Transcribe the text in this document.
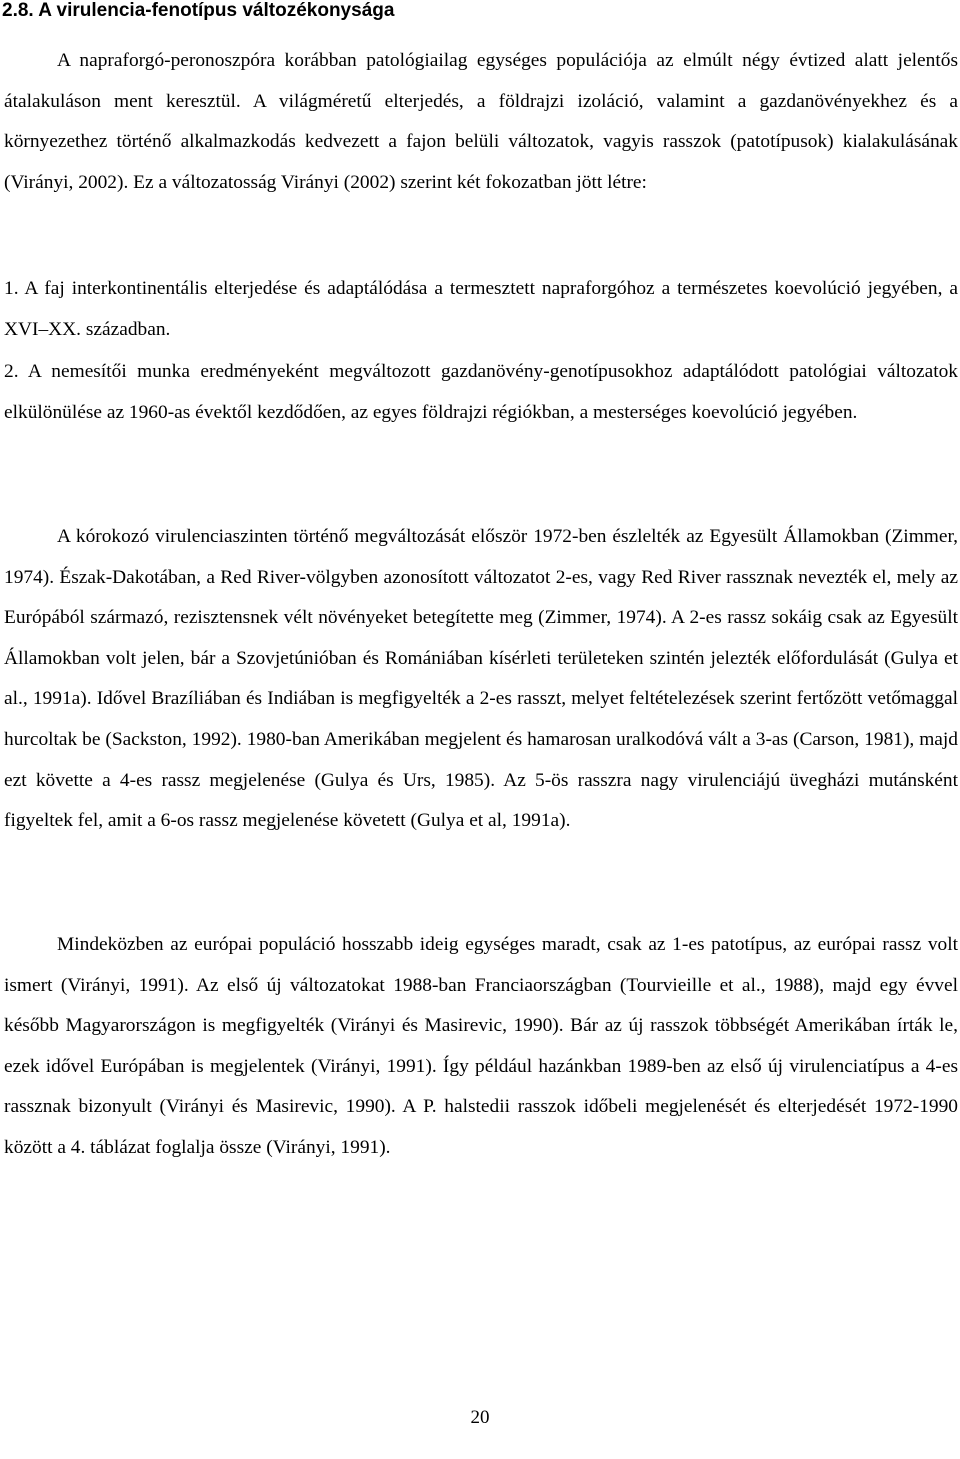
2.8. A virulencia-fenotípus változékonysága

A napraforgó-peronoszpóra korábban patológiailag egységes populációja az elmúlt négy évtized alatt jelentős átalakuláson ment keresztül. A világméretű elterjedés, a földrajzi izoláció, valamint a gazdanövényekhez és a környezethez történő alkalmazkodás kedvezett a fajon belüli változatok, vagyis rasszok (patotípusok) kialakulásának (Virányi, 2002). Ez a változatosság Virányi (2002) szerint két fokozatban jött létre:

1. A faj interkontinentális elterjedése és adaptálódása a termesztett napraforgóhoz a természetes koevolúció jegyében, a XVI–XX. században.

2. A nemesítői munka eredményeként megváltozott gazdanövény-genotípusokhoz adaptálódott patológiai változatok elkülönülése az 1960-as évektől kezdődően, az egyes földrajzi régiókban, a mesterséges koevolúció jegyében.

A kórokozó virulenciaszinten történő megváltozását először 1972-ben észlelték az Egyesült Államokban (Zimmer, 1974). Észak-Dakotában, a Red River-völgyben azonosított változatot 2-es, vagy Red River rassznak nevezték el, mely az Európából származó, rezisztensnek vélt növényeket betegítette meg (Zimmer, 1974). A 2-es rassz sokáig csak az Egyesült Államokban volt jelen, bár a Szovjetúnióban és Romániában kísérleti területeken szintén jelezték előfordulását (Gulya et al., 1991a). Idővel Brazíliában és Indiában is megfigyelték a 2-es rasszt, melyet feltételezések szerint fertőzött vetőmaggal hurcoltak be (Sackston, 1992). 1980-ban Amerikában megjelent és hamarosan uralkodóvá vált a 3-as (Carson, 1981), majd ezt követte a 4-es rassz megjelenése (Gulya és Urs, 1985). Az 5-ös rasszra nagy virulenciájú üvegházi mutánsként figyeltek fel, amit a 6-os rassz megjelenése követett (Gulya et al, 1991a).

Mindeközben az európai populáció hosszabb ideig egységes maradt, csak az 1-es patotípus, az európai rassz volt ismert (Virányi, 1991). Az első új változatokat 1988-ban Franciaországban (Tourvieille et al., 1988), majd egy évvel később Magyarországon is megfigyelték (Virányi és Masirevic, 1990). Bár az új rasszok többségét Amerikában írták le, ezek idővel Európában is megjelentek (Virányi, 1991). Így például hazánkban 1989-ben az első új virulenciatípus a 4-es rassznak bizonyult (Virányi és Masirevic, 1990). A P. halstedii rasszok időbeli megjelenését és elterjedését 1972-1990 között a 4. táblázat foglalja össze (Virányi, 1991).

20
